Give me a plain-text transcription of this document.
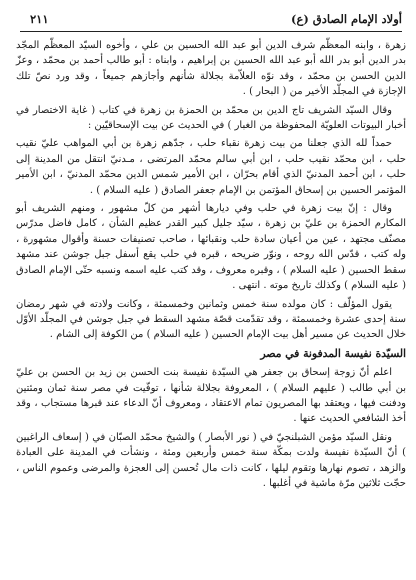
أولاد الإمام الصادق (ع)
٢١١

زهرة ، وابنه المعظّم شرف الدين أبو عبد الله الحسين بن علي ، وأخوه السيّد المعظّم المجّد بدر الدين أبو بدر الله أبو عبد الله الحسين بن إبراهيم ، وابناه : أبو طالب أحمد بن محمّد ، وعزّ الدين الحسن بن محمّد ، وقد نوّه العلاّمة بجلالة شأنهم وأجازهم جميعاً ، وقد ورد نصّ تلك الإجازة في المجلّد الأخير من ( البحار ) .

وقال السيّد الشريف تاج الدين بن محمّد بن الحمزة بن زهرة في كتاب ( غاية الاختصار في أخبار البيوتات العلويّة المحفوظة من الغبار ) في الحديث عن بيت الإسحاقيّين :

حمداً لله الذي جعلنا من بيت زهرة نقباء حلب ، جدّهم زهرة بن أبي المواهب عليّ نقيب حلب ، ابن محمّد نقيب حلب ، ابن أبي سالم محمّد المرتضى ، مـدنيّ انتقل من المدينة إلى حلب ، ابن أحمد المدنيّ الذي أقام بحرّان ، ابن الأمير شمس الدين محمّد المدنيّ ، ابن الأمير المؤتمر الحسين بن إسحاق المؤتمن بن الإمام جعفر الصادق ( عليه السلام ) .

وقال : إنّ بيت زهرة في حلب وفي ديارها أشهر من كلّ مشهور ، ومنهم الشريف أبو المكارم الحمزة بن عليّ بن زهرة ، سيّد جليل كبير القدر عظيم الشأن ، كامل فاضل مدرّس مصنّف مجتهد ، عين من أعيان سادة حلب ونقبائها ، صاحب تصنيفات حسنة وأقوال مشهورة ، وله كتب ، قدّس الله روحه ، ونوّر ضريحه ، قبره في حلب يقع أسفل جبل جوشن عند مشهد سقط الحسين ( عليه السلام ) ، وقبره معروف ، وقد كتب عليه اسمه ونسبه حتّى الإمام الصادق ( عليه السلام ) وكذلك تاريخ موته . انتهى .

يقول المؤلّف : كان مولده سنة خمس وثمانين وخمسمئة ، وكانت ولادته في شهر رمضان سنة إحدى عشرة وخمسمئة ، وقد تقدّمت قصّة مشهد السقط في جبل جوشن في المجلّد الأوّل خلال الحديث عن مسير أهل بيت الإمام الحسين ( عليه السلام ) من الكوفة إلى الشام .

السيّدة نفيسة المدفونة في مصر

اعلم أنّ زوجة إسحاق بن جعفر هي السيّدة نفيسة بنت الحسن بن زيد بن الحسن بن عليّ بن أبي طالب ( عليهم السلام ) ، المعروفة بجلالة شأنها ، توفّيت في مصر سنة ثمان ومئتين ودفنت فيها ، ويعتقد بها المصريون تمام الاعتقاد ، ومعروف أنّ الدعاء عند قبرها مستجاب ، وقد أخذ الشافعي الحديث عنها .

ونقل السيّد مؤمن الشبلنجيّ في ( نور الأبصار ) والشيخ محمّد الصبّان في ( إسعاف الراغبين ) أنّ السيّدة نفيسة ولدت بمكّة سنة خمس وأربعين ومئة ، ونشأت في المدينة على العبادة والزهد ، تصوم نهارها وتقوم ليلها ، كانت ذات مال تُحسن إلى العجزة والمرضى وعموم الناس ، حجّت ثلاثين مرّة ماشية في أغلبها .
